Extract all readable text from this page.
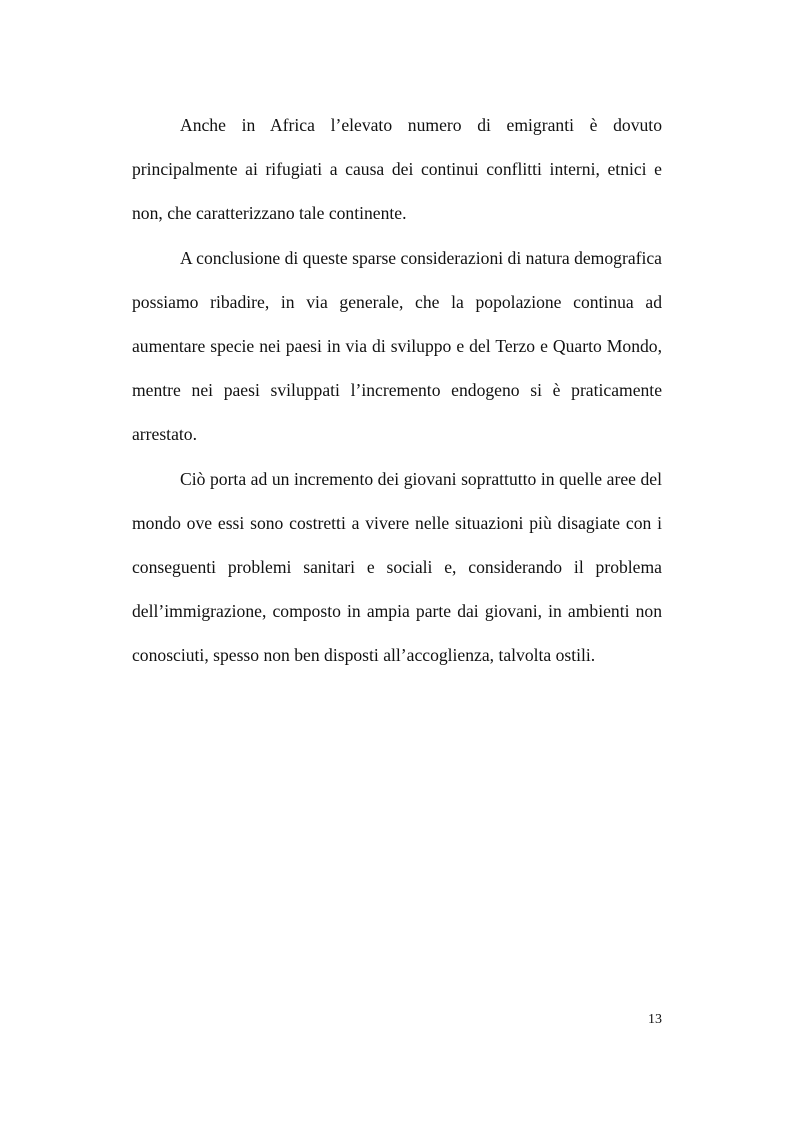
Anche in Africa l’elevato numero di emigranti è dovuto principalmente ai rifugiati a causa dei continui conflitti interni, etnici e non, che caratterizzano tale continente.

A conclusione di queste sparse considerazioni di natura demografica possiamo ribadire, in via generale, che la popolazione continua ad aumentare specie nei paesi in via di sviluppo e del Terzo e Quarto Mondo, mentre nei paesi sviluppati l’incremento endogeno si è praticamente arrestato.

Ciò porta ad un incremento dei giovani soprattutto in quelle aree del mondo ove essi sono costretti a vivere nelle situazioni più disagiate con i conseguenti problemi sanitari e sociali e, considerando il problema dell’immigrazione, composto in ampia parte dai giovani, in ambienti non conosciuti, spesso non ben disposti all’accoglienza, talvolta ostili.

13
